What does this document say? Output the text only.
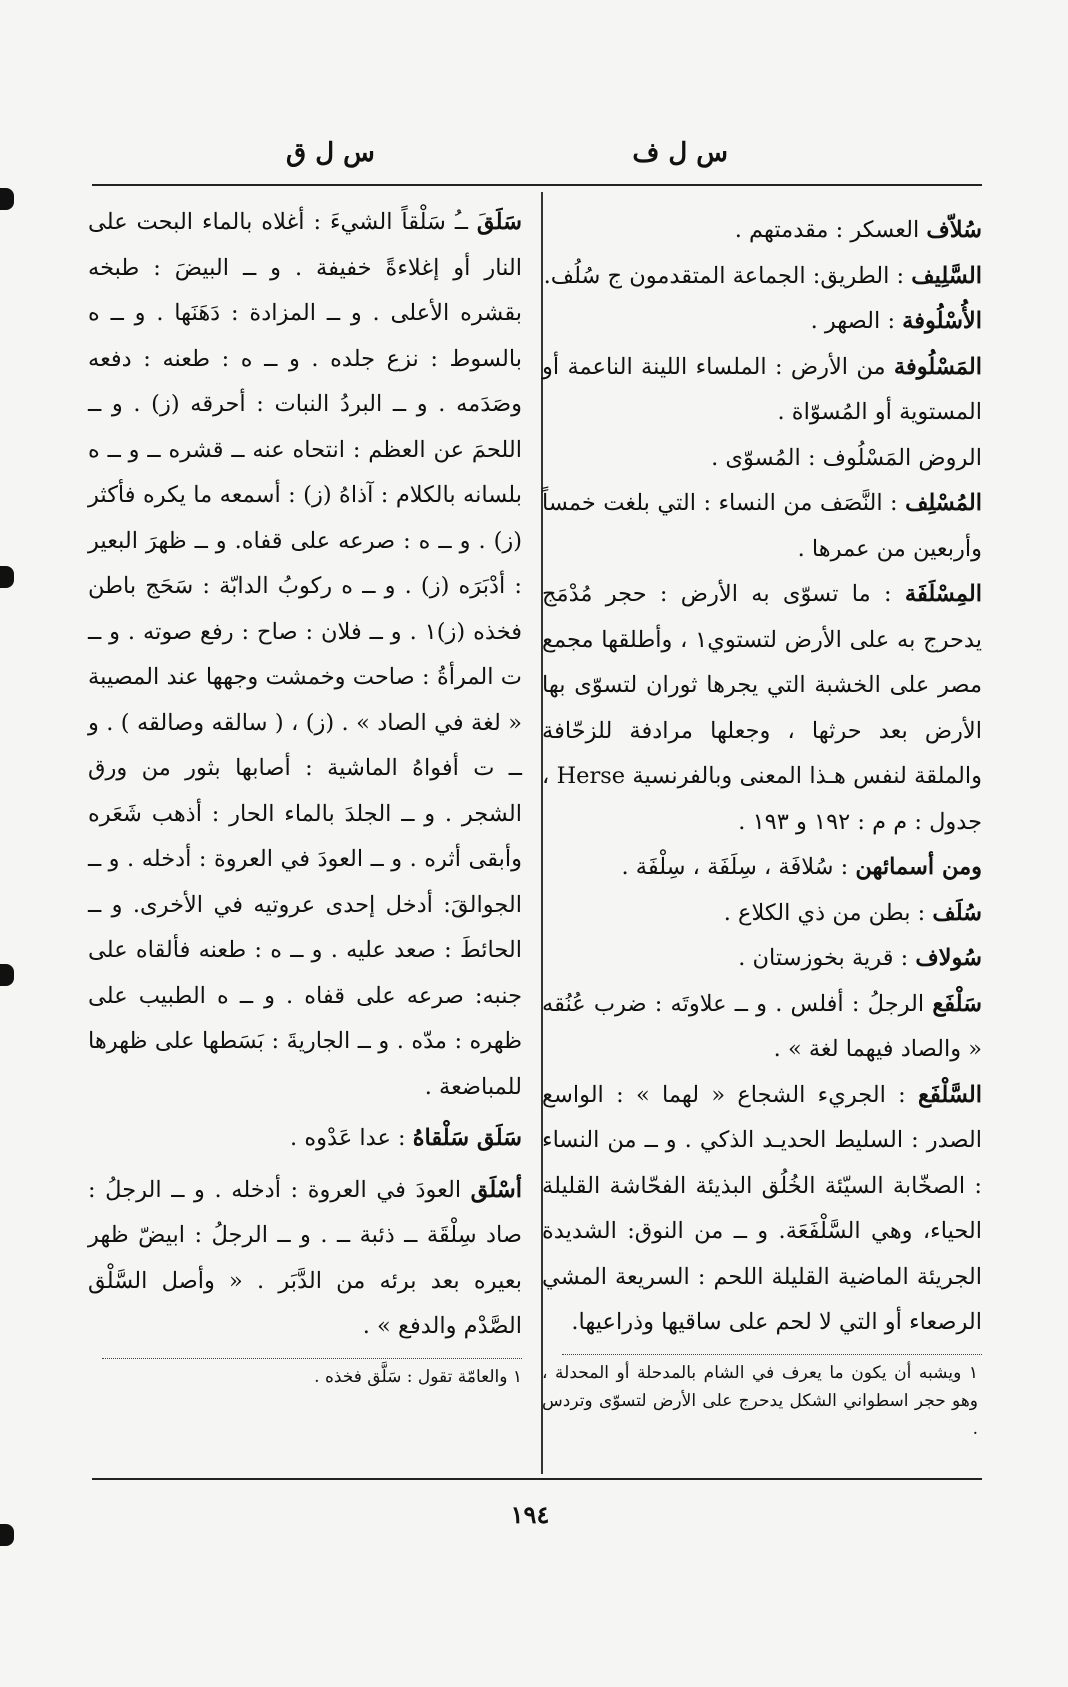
س ل ف
س ل ق
سُلاّف العسكر : مقدمتهم .
السَّلِيف : الطريق: الجماعة المتقدمون ج سُلُف.
الأُسْلُوفة : الصهر .
المَسْلُوفة من الأرض : الملساء اللينة الناعمة أو المستوية أو المُسوّاة .
الروض المَسْلُوف : المُسوّى .
المُسْلِف : النَّصَف من النساء : التي بلغت خمساً وأربعين من عمرها .
المِسْلَفَة : ما تسوّى به الأرض : حجر مُدْمَج يدحرج به على الأرض لتستوي١ ، وأطلقها مجمع مصر على الخشبة التي يجرها ثوران لتسوّى بها الأرض بعد حرثها ، وجعلها مرادفة للزحّافة والملقة لنفس هـذا المعنى وبالفرنسية Herse ، جدول : م م : ١٩٢ و ١٩٣ .
ومن أسمائهن : سُلافَة ، سِلَفَة ، سِلْفَة .
سُلَف : بطن من ذي الكلاع .
سُولاف : قرية بخوزستان .
سَلْفَع الرجلُ : أفلس . و ــ علاوتَه : ضرب عُنُقه « والصاد فيهما لغة » .
السَّلْفَع : الجريء الشجاع « لهما » : الواسع الصدر : السليط الحديـد الذكي . و ــ من النساء : الصخّابة السيّئة الخُلُق البذيئة الفحّاشة القليلة الحياء، وهي السَّلْفَعَة. و ــ من النوق: الشديدة الجريئة الماضية القليلة اللحم : السريعة المشي الرصعاء أو التي لا لحم على ساقيها وذراعيها.
١ ويشبه أن يكون ما يعرف في الشام بالمدحلة أو المحدلة ، وهو حجر اسطواني الشكل يدحرج على الأرض لتسوّى وتردس .
سَلَقَ ــُ سَلْقاً الشيءَ : أغلاه بالماء البحت على النار أو إغلاءةً خفيفة . و ــ البيضَ : طبخه بقشره الأعلى . و ــ المزادة : دَهَنَها . و ــ ه بالسوط : نزع جلده . و ــ ه : طعنه : دفعه وصَدَمه . و ــ البردُ النبات : أحرقه (ز) . و ــ اللحمَ عن العظم : انتحاه عنه ــ قشره ــ و ــ ه بلسانه بالكلام : آذاهُ (ز) : أسمعه ما يكره فأكثر (ز) . و ــ ه : صرعه على قفاه. و ــ ظهرَ البعير : أدْبَرَه (ز) . و ــ ه ركوبُ الدابّة : سَحَج باطن فخذه (ز)١ . و ــ فلان : صاح : رفع صوته . و ــ ت المرأةُ : صاحت وخمشت وجهها عند المصيبة « لغة في الصاد » . (ز) ، ( سالقه وصالقه ) . و ــ ت أفواهُ الماشية : أصابها بثور من ورق الشجر . و ــ الجلدَ بالماء الحار : أذهب شَعَره وأبقى أثره . و ــ العودَ في العروة : أدخله . و ــ الجوالقَ: أدخل إحدى عروتيه في الأخرى. و ــ الحائطَ : صعد عليه . و ــ ه : طعنه فألقاه على جنبه: صرعه على قفاه . و ــ ه الطبيب على ظهره : مدّه . و ــ الجاريةَ : بَسَطها على ظهرها للمباضعة .
سَلَق سَلْقاهُ : عدا عَدْوه .
أسْلَق العودَ في العروة : أدخله . و ــ الرجلُ : صاد سِلْقَة ــ ذئبة ــ . و ــ الرجلُ : ابيضّ ظهر بعيره بعد برئه من الدَّبَر . « وأصل السَّلْق الصَّدْم والدفع » .
١ والعامّة تقول : سَلَّق فخذه .
١٩٤
